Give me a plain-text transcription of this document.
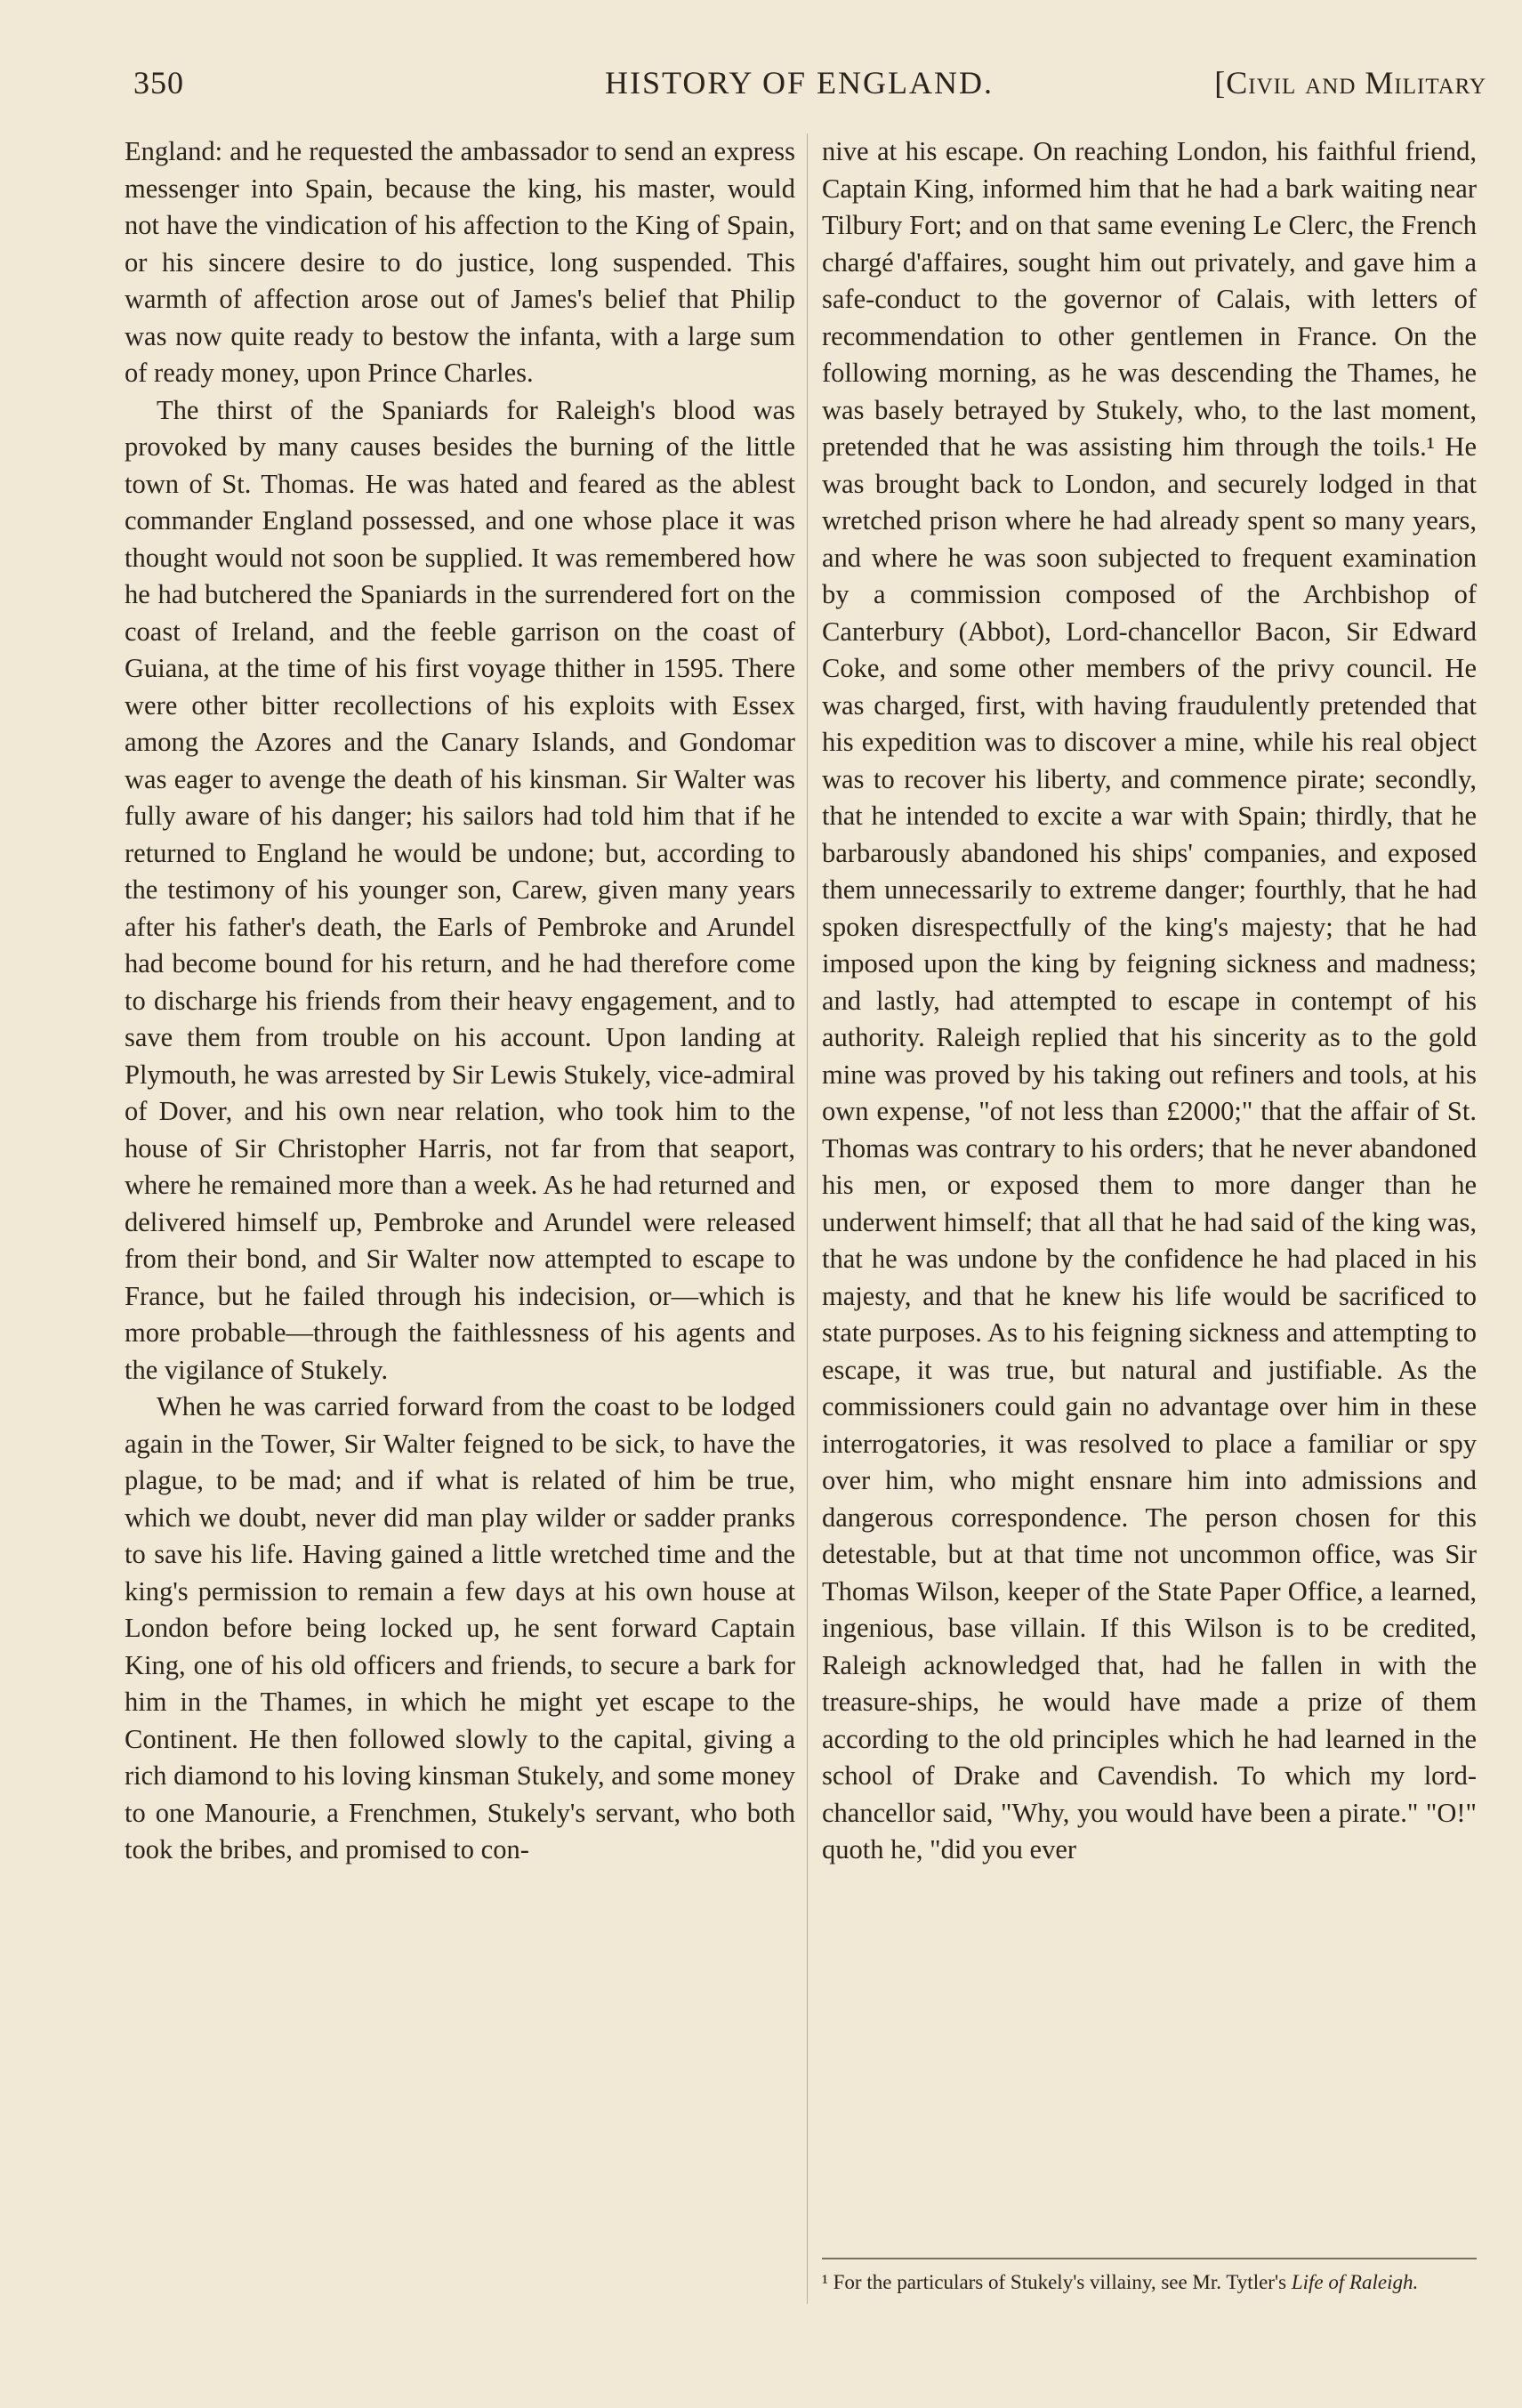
350	HISTORY OF ENGLAND.	[Civil and Military

England: and he requested the ambassador to send an express messenger into Spain, because the king, his master, would not have the vindication of his affection to the King of Spain, or his sincere desire to do justice, long suspended. This warmth of affection arose out of James's belief that Philip was now quite ready to bestow the infanta, with a large sum of ready money, upon Prince Charles.

The thirst of the Spaniards for Raleigh's blood was provoked by many causes besides the burning of the little town of St. Thomas. He was hated and feared as the ablest commander England possessed, and one whose place it was thought would not soon be supplied. It was remembered how he had butchered the Spaniards in the surrendered fort on the coast of Ireland, and the feeble garrison on the coast of Guiana, at the time of his first voyage thither in 1595. There were other bitter recollections of his exploits with Essex among the Azores and the Canary Islands, and Gondomar was eager to avenge the death of his kinsman. Sir Walter was fully aware of his danger; his sailors had told him that if he returned to England he would be undone; but, according to the testimony of his younger son, Carew, given many years after his father's death, the Earls of Pembroke and Arundel had become bound for his return, and he had therefore come to discharge his friends from their heavy engagement, and to save them from trouble on his account. Upon landing at Plymouth, he was arrested by Sir Lewis Stukely, vice-admiral of Dover, and his own near relation, who took him to the house of Sir Christopher Harris, not far from that seaport, where he remained more than a week. As he had returned and delivered himself up, Pembroke and Arundel were released from their bond, and Sir Walter now attempted to escape to France, but he failed through his indecision, or—which is more probable—through the faithlessness of his agents and the vigilance of Stukely.

When he was carried forward from the coast to be lodged again in the Tower, Sir Walter feigned to be sick, to have the plague, to be mad; and if what is related of him be true, which we doubt, never did man play wilder or sadder pranks to save his life. Having gained a little wretched time and the king's permission to remain a few days at his own house at London before being locked up, he sent forward Captain King, one of his old officers and friends, to secure a bark for him in the Thames, in which he might yet escape to the Continent. He then followed slowly to the capital, giving a rich diamond to his loving kinsman Stukely, and some money to one Manourie, a Frenchmen, Stukely's servant, who both took the bribes, and promised to con-

nive at his escape. On reaching London, his faithful friend, Captain King, informed him that he had a bark waiting near Tilbury Fort; and on that same evening Le Clerc, the French chargé d'affaires, sought him out privately, and gave him a safe-conduct to the governor of Calais, with letters of recommendation to other gentlemen in France. On the following morning, as he was descending the Thames, he was basely betrayed by Stukely, who, to the last moment, pretended that he was assisting him through the toils.¹ He was brought back to London, and securely lodged in that wretched prison where he had already spent so many years, and where he was soon subjected to frequent examination by a commission composed of the Archbishop of Canterbury (Abbot), Lord-chancellor Bacon, Sir Edward Coke, and some other members of the privy council. He was charged, first, with having fraudulently pretended that his expedition was to discover a mine, while his real object was to recover his liberty, and commence pirate; secondly, that he intended to excite a war with Spain; thirdly, that he barbarously abandoned his ships' companies, and exposed them unnecessarily to extreme danger; fourthly, that he had spoken disrespectfully of the king's majesty; that he had imposed upon the king by feigning sickness and madness; and lastly, had attempted to escape in contempt of his authority. Raleigh replied that his sincerity as to the gold mine was proved by his taking out refiners and tools, at his own expense, "of not less than £2000;" that the affair of St. Thomas was contrary to his orders; that he never abandoned his men, or exposed them to more danger than he underwent himself; that all that he had said of the king was, that he was undone by the confidence he had placed in his majesty, and that he knew his life would be sacrificed to state purposes. As to his feigning sickness and attempting to escape, it was true, but natural and justifiable. As the commissioners could gain no advantage over him in these interrogatories, it was resolved to place a familiar or spy over him, who might ensnare him into admissions and dangerous correspondence. The person chosen for this detestable, but at that time not uncommon office, was Sir Thomas Wilson, keeper of the State Paper Office, a learned, ingenious, base villain. If this Wilson is to be credited, Raleigh acknowledged that, had he fallen in with the treasure-ships, he would have made a prize of them according to the old principles which he had learned in the school of Drake and Cavendish. To which my lord-chancellor said, "Why, you would have been a pirate." "O!" quoth he, "did you ever

¹ For the particulars of Stukely's villainy, see Mr. Tytler's Life of Raleigh.
